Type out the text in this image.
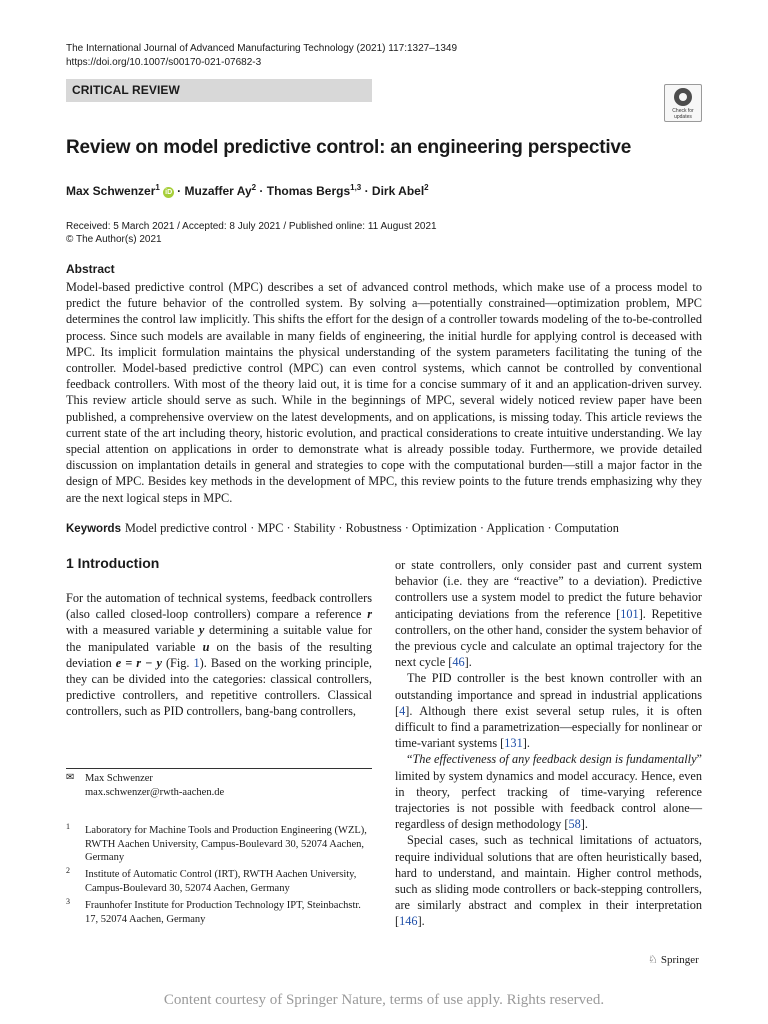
The International Journal of Advanced Manufacturing Technology (2021) 117:1327–1349
https://doi.org/10.1007/s00170-021-07682-3
CRITICAL REVIEW
Check for
updates
Review on model predictive control: an engineering perspective
Max Schwenzer$^1$ iD · Muzaffer $Ay^2$ · Thomas Bergs$^{1,3}$ · Dirk Abel$^2$
Received: 5 March 2021 / Accepted: 8 July 2021 / Published online: 11 August 2021
© The Author(s) 2021
Abstract
Model-based predictive control (MPC) describes a set of advanced control methods, which make use of a process model to predict the future behavior of the controlled system. By solving a—potentially constrained—optimization problem, MPC determines the control law implicitly. This shifts the effort for the design of a controller towards modeling of the to-be-controlled process. Since such models are available in many fields of engineering, the initial hurdle for applying control is deceased with MPC. Its implicit formulation maintains the physical understanding of the system parameters facilitating the tuning of the controller. Model-based predictive control (MPC) can even control systems, which cannot be controlled by conventional feedback controllers. With most of the theory laid out, it is time for a concise summary of it and an application-driven survey. This review article should serve as such. While in the beginnings of MPC, several widely noticed review paper have been published, a comprehensive overview on the latest developments, and on applications, is missing today. This article reviews the current state of the art including theory, historic evolution, and practical considerations to create intuitive understanding. We lay special attention on applications in order to demonstrate what is already possible today. Furthermore, we provide detailed discussion on implantation details in general and strategies to cope with the computational burden—still a major factor in the design of MPC. Besides key methods in the development of MPC, this review points to the future trends emphasizing why they are the next logical steps in MPC.
Keywords Model predictive control · MPC · Stability · Robustness · Optimization · Application · Computation
1 Introduction

For the automation of technical systems, feedback controllers (also called closed-loop controllers) compare a reference r with a measured variable y determining a suitable value for the manipulated variable u on the basis of the resulting deviation e = r − y (Fig. 1). Based on the working principle, they can be divided into the categories: classical controllers, predictive controllers, and repetitive controllers. Classical controllers, such as PID controllers, bang-bang controllers,

or state controllers, only consider past and current system behavior (i.e. they are “reactive” to a deviation). Predictive controllers use a system model to predict the future behavior anticipating deviations from the reference [101]. Repetitive controllers, on the other hand, consider the system behavior of the previous cycle and calculate an optimal trajectory for the next cycle [46].

The PID controller is the best known controller with an outstanding importance and spread in industrial applications [4]. Although there exist several setup rules, it is often difficult to find a parametrization—especially for nonlinear or time-variant systems [131].

“The effectiveness of any feedback design is fundamentally” limited by system dynamics and model accuracy. Hence, even in theory, perfect tracking of time-varying reference trajectories is not possible with feedback control alone—regardless of design methodology [58].

Special cases, such as technical limitations of actuators, require individual solutions that are often heuristically based, hard to understand, and maintain. Higher control methods, such as sliding mode controllers or back-stepping controllers, are similarly abstract and complex in their interpretation [146].

✉ Max Schwenzer
max.schwenzer@rwth-aachen.de
1 Laboratory for Machine Tools and Production Engineering (WZL), RWTH Aachen University, Campus-Boulevard 30, 52074 Aachen, Germany
2 Institute of Automatic Control (IRT), RWTH Aachen University, Campus-Boulevard 30, 52074 Aachen, Germany
3 Fraunhofer Institute for Production Technology IPT, Steinbachstr. 17, 52074 Aachen, Germany
♘ Springer
Content courtesy of Springer Nature, terms of use apply. Rights reserved.
